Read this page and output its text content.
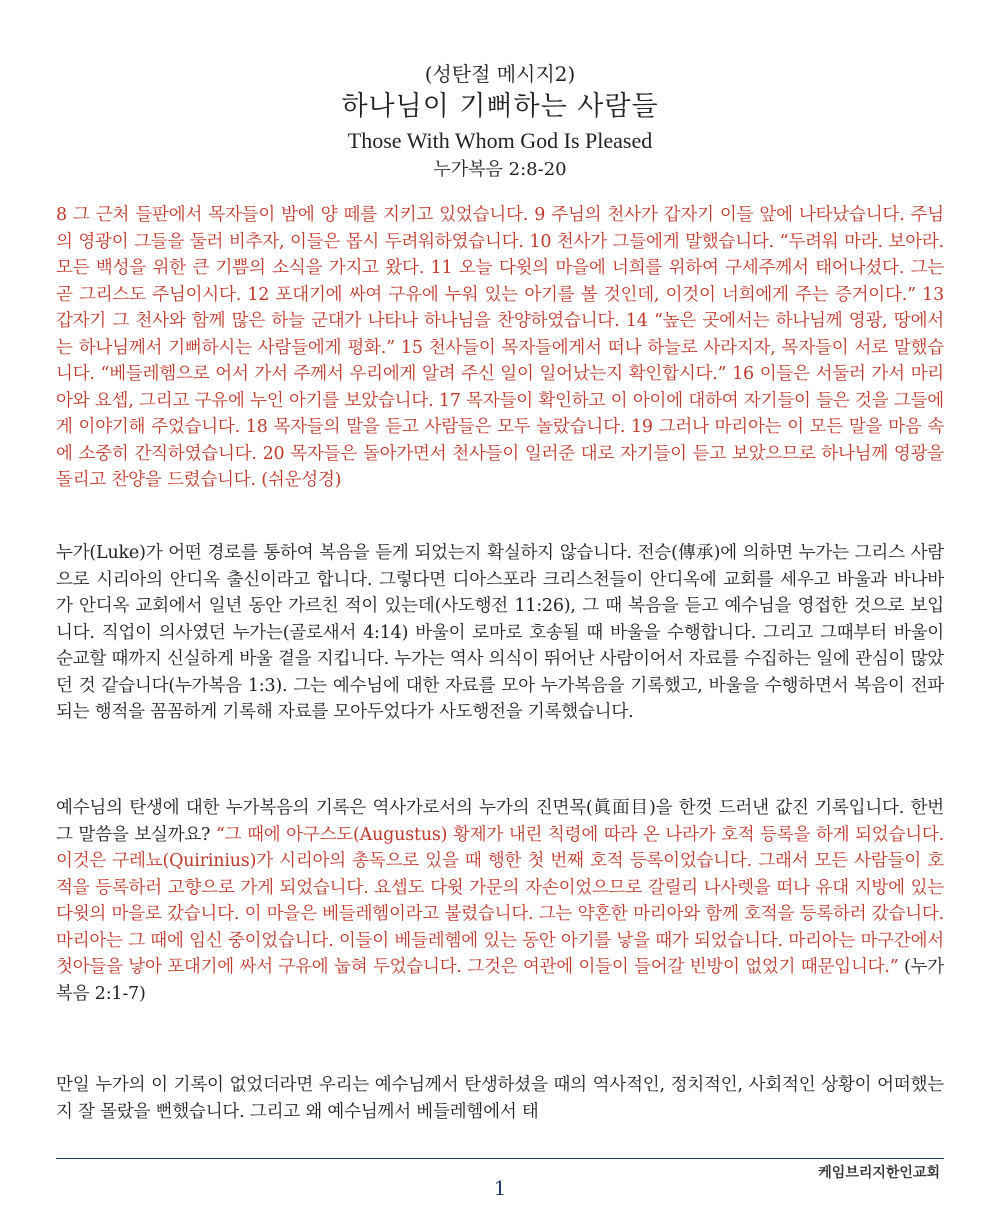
(성탄절 메시지2)
하나님이 기뻐하는 사람들
Those With Whom God Is Pleased
누가복음 2:8-20

8 그 근처 들판에서 목자들이 밤에 양 떼를 지키고 있었습니다. 9 주님의 천사가 갑자기 이들 앞에 나타났습니다. 주님의 영광이 그들을 둘러 비추자, 이들은 몹시 두려워하였습니다. 10 천사가 그들에게 말했습니다. “두려워 마라. 보아라. 모든 백성을 위한 큰 기쁨의 소식을 가지고 왔다. 11 오늘 다윗의 마을에 너희를 위하여 구세주께서 태어나셨다. 그는 곧 그리스도 주님이시다. 12 포대기에 싸여 구유에 누워 있는 아기를 볼 것인데, 이것이 너희에게 주는 증거이다.” 13 갑자기 그 천사와 함께 많은 하늘 군대가 나타나 하나님을 찬양하였습니다. 14 “높은 곳에서는 하나님께 영광, 땅에서는 하나님께서 기뻐하시는 사람들에게 평화.” 15 천사들이 목자들에게서 떠나 하늘로 사라지자, 목자들이 서로 말했습니다. “베들레헴으로 어서 가서 주께서 우리에게 알려 주신 일이 일어났는지 확인합시다.” 16 이들은 서둘러 가서 마리아와 요셉, 그리고 구유에 누인 아기를 보았습니다. 17 목자들이 확인하고 이 아이에 대하여 자기들이 들은 것을 그들에게 이야기해 주었습니다. 18 목자들의 말을 듣고 사람들은 모두 놀랐습니다. 19 그러나 마리아는 이 모든 말을 마음 속에 소중히 간직하였습니다. 20 목자들은 돌아가면서 천사들이 일러준 대로 자기들이 듣고 보았으므로 하나님께 영광을 돌리고 찬양을 드렸습니다. (쉬운성경)

누가(Luke)가 어떤 경로를 통하여 복음을 듣게 되었는지 확실하지 않습니다. 전승(傳承)에 의하면 누가는 그리스 사람으로 시리아의 안디옥 출신이라고 합니다. 그렇다면 디아스포라 크리스천들이 안디옥에 교회를 세우고 바울과 바나바가 안디옥 교회에서 일년 동안 가르친 적이 있는데(사도행전 11:26), 그 때 복음을 듣고 예수님을 영접한 것으로 보입니다. 직업이 의사였던 누가는(골로새서 4:14) 바울이 로마로 호송될 때 바울을 수행합니다. 그리고 그때부터 바울이 순교할 때까지 신실하게 바울 곁을 지킵니다. 누가는 역사 의식이 뛰어난 사람이어서 자료를 수집하는 일에 관심이 많았던 것 같습니다(누가복음 1:3). 그는 예수님에 대한 자료를 모아 누가복음을 기록했고, 바울을 수행하면서 복음이 전파되는 행적을 꼼꼼하게 기록해 자료를 모아두었다가 사도행전을 기록했습니다.

예수님의 탄생에 대한 누가복음의 기록은 역사가로서의 누가의 진면목(眞面目)을 한껏 드러낸 값진 기록입니다. 한번 그 말씀을 보실까요? “그 때에 아구스도(Augustus) 황제가 내린 칙령에 따라 온 나라가 호적 등록을 하게 되었습니다. 이것은 구레뇨(Quirinius)가 시리아의 총독으로 있을 때 행한 첫 번째 호적 등록이었습니다. 그래서 모든 사람들이 호적을 등록하러 고향으로 가게 되었습니다. 요셉도 다윗 가문의 자손이었으므로 갈릴리 나사렛을 떠나 유대 지방에 있는 다윗의 마을로 갔습니다. 이 마을은 베들레헴이라고 불렸습니다. 그는 약혼한 마리아와 함께 호적을 등록하러 갔습니다. 마리아는 그 때에 임신 중이었습니다. 이들이 베들레헴에 있는 동안 아기를 낳을 때가 되었습니다. 마리아는 마구간에서 첫아들을 낳아 포대기에 싸서 구유에 눕혀 두었습니다. 그것은 여관에 이들이 들어갈 빈방이 없었기 때문입니다.” (누가복음 2:1-7)

만일 누가의 이 기록이 없었더라면 우리는 예수님께서 탄생하셨을 때의 역사적인, 정치적인, 사회적인 상황이 어떠했는지 잘 몰랐을 뻔했습니다. 그리고 왜 예수님께서 베들레헴에서 태

케임브리지한인교회
1
